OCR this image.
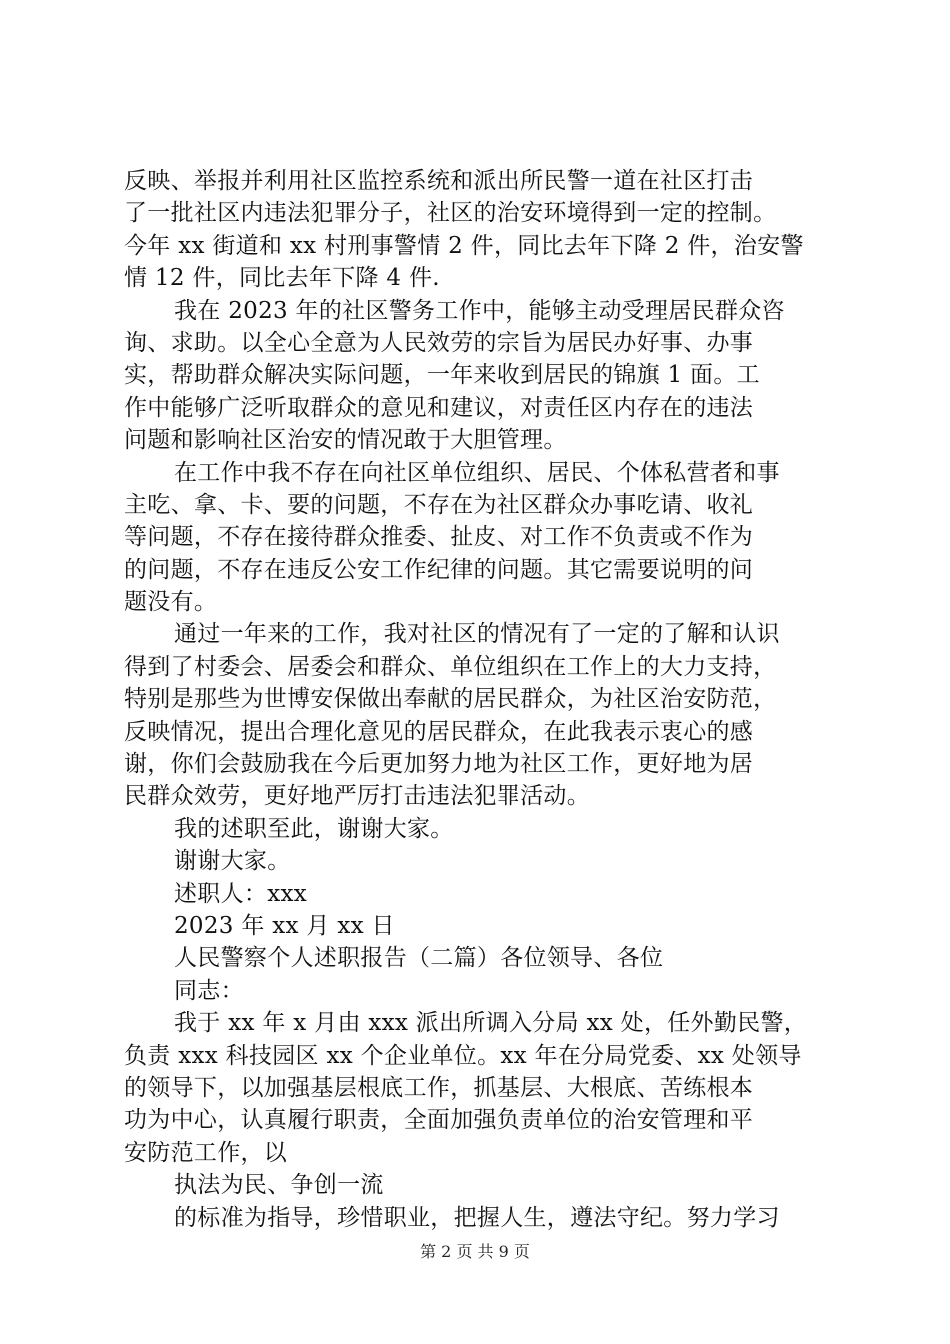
反映、举报并利用社区监控系统和派出所民警一道在社区打击
了一批社区内违法犯罪分子，社区的治安环境得到一定的控制。
今年 xx 街道和 xx 村刑事警情 2 件，同比去年下降 2 件，治安警
情 12 件，同比去年下降 4 件.
我在 2023 年的社区警务工作中，能够主动受理居民群众咨
询、求助。以全心全意为人民效劳的宗旨为居民办好事、办事
实，帮助群众解决实际问题，一年来收到居民的锦旗 1 面。工
作中能够广泛听取群众的意见和建议，对责任区内存在的违法
问题和影响社区治安的情况敢于大胆管理。
在工作中我不存在向社区单位组织、居民、个体私营者和事
主吃、拿、卡、要的问题，不存在为社区群众办事吃请、收礼
等问题，不存在接待群众推委、扯皮、对工作不负责或不作为
的问题，不存在违反公安工作纪律的问题。其它需要说明的问
题没有。
通过一年来的工作，我对社区的情况有了一定的了解和认识
得到了村委会、居委会和群众、单位组织在工作上的大力支持，
特别是那些为世博安保做出奉献的居民群众，为社区治安防范，
反映情况，提出合理化意见的居民群众，在此我表示衷心的感
谢，你们会鼓励我在今后更加努力地为社区工作，更好地为居
民群众效劳，更好地严厉打击违法犯罪活动。
我的述职至此，谢谢大家。
谢谢大家。
述职人：xxx
2023 年 xx 月 xx 日
人民警察个人述职报告（二篇）各位领导、各位
同志：
我于 xx 年 x 月由 xxx 派出所调入分局 xx 处，任外勤民警，
负责 xxx 科技园区 xx 个企业单位。xx 年在分局党委、xx 处领导
的领导下，以加强基层根底工作，抓基层、大根底、苦练根本
功为中心，认真履行职责，全面加强负责单位的治安管理和平
安防范工作，以
执法为民、争创一流
的标准为指导，珍惜职业，把握人生，遵法守纪。努力学习
第 2 页 共 9 页
